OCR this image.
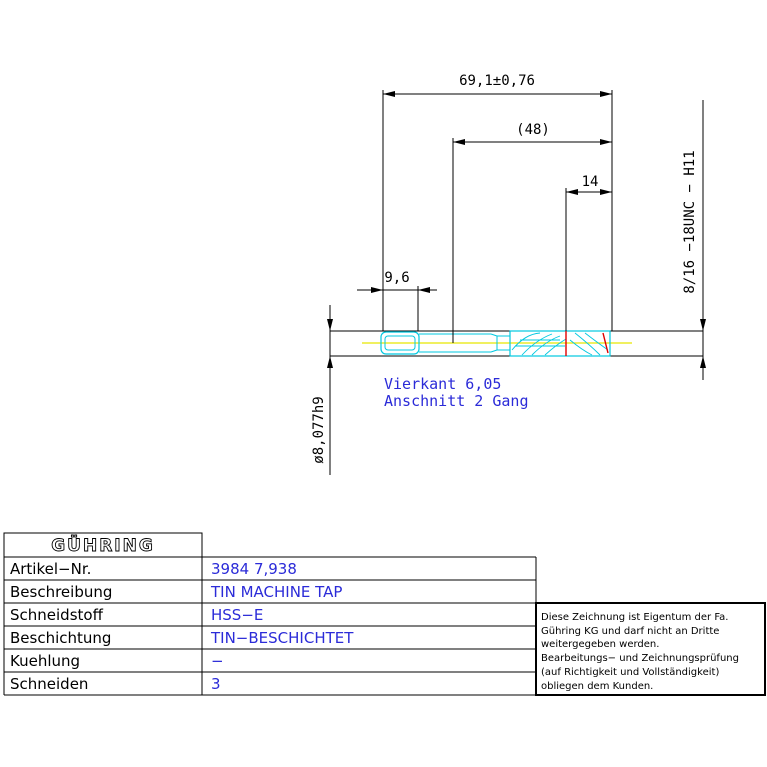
69,1±0,76
(48)
14
9,6	8/16 −18UNC − H11
ø8,077h9
Vierkant 6,05
Anschnitt 2 Gang
GÜHRING
Artikel−Nr.	3984 7,938
Beschreibung	TIN MACHINE TAP
Schneidstoff	HSS−E
Beschichtung	TIN−BESCHICHTET
Kuehlung	−
Schneiden	3
Diese Zeichnung ist Eigentum der Fa.
Gühring KG und darf nicht an Dritte
weitergegeben werden.
Bearbeitungs− und Zeichnungsprüfung
(auf Richtigkeit und Vollständigkeit)
obliegen dem Kunden.
